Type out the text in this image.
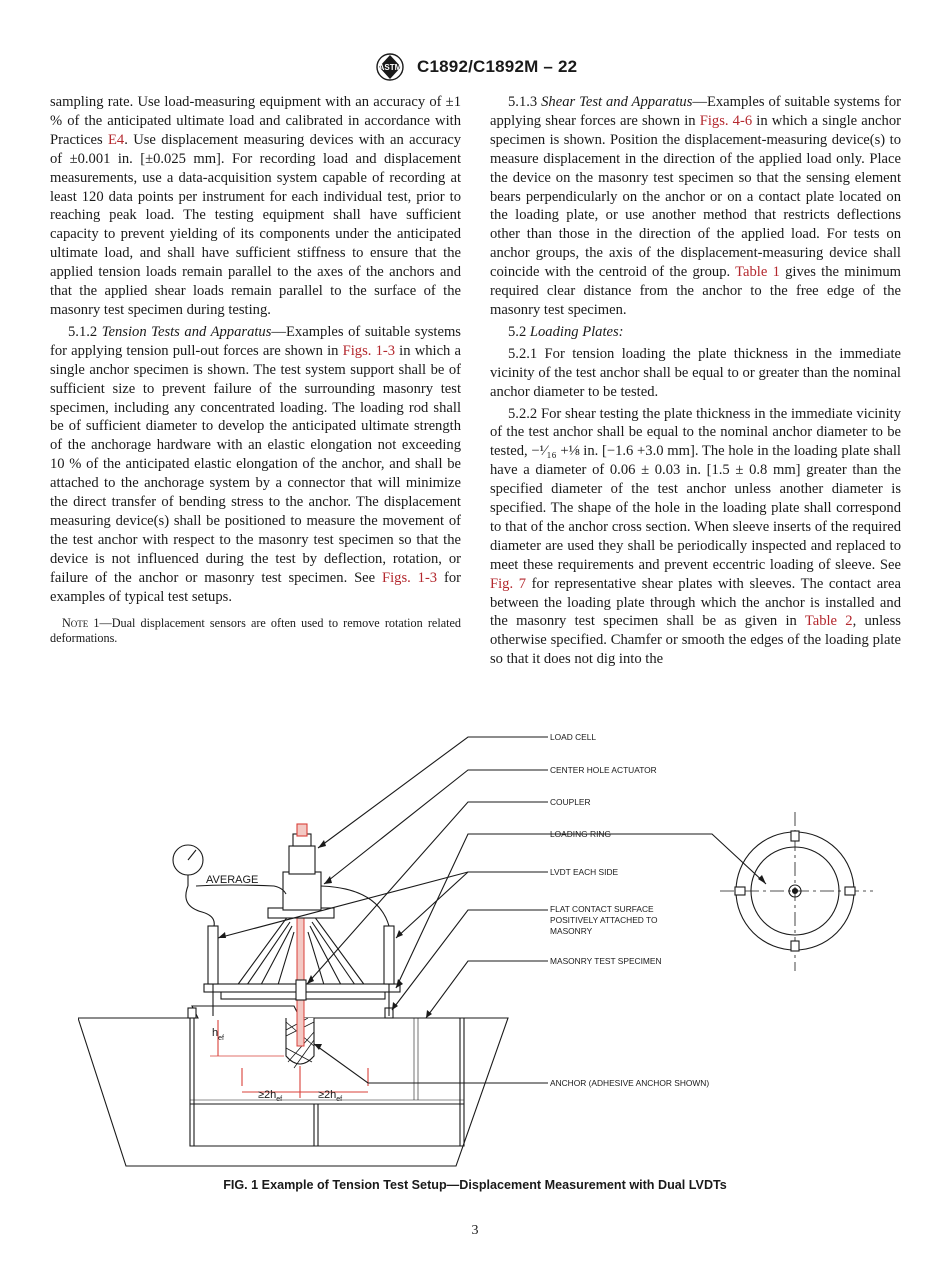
ASTM C1892/C1892M – 22

sampling rate. Use load-measuring equipment with an accuracy of ±1 % of the anticipated ultimate load and calibrated in accordance with Practices E4. Use displacement measuring devices with an accuracy of ±0.001 in. [±0.025 mm]. For recording load and displacement measurements, use a data-acquisition system capable of recording at least 120 data points per instrument for each individual test, prior to reaching peak load. The testing equipment shall have sufficient capacity to prevent yielding of its components under the anticipated ultimate load, and shall have sufficient stiffness to ensure that the applied tension loads remain parallel to the axes of the anchors and that the applied shear loads remain parallel to the surface of the masonry test specimen during testing.

5.1.2 Tension Tests and Apparatus—Examples of suitable systems for applying tension pull-out forces are shown in Figs. 1-3 in which a single anchor specimen is shown. The test system support shall be of sufficient size to prevent failure of the surrounding masonry test specimen, including any concentrated loading. The loading rod shall be of sufficient diameter to develop the anticipated ultimate strength of the anchorage hardware with an elastic elongation not exceeding 10 % of the anticipated elastic elongation of the anchor, and shall be attached to the anchorage system by a connector that will minimize the direct transfer of bending stress to the anchor. The displacement measuring device(s) shall be positioned to measure the movement of the test anchor with respect to the masonry test specimen so that the device is not influenced during the test by deflection, rotation, or failure of the anchor or masonry test specimen. See Figs. 1-3 for examples of typical test setups.

Note 1—Dual displacement sensors are often used to remove rotation related deformations.

5.1.3 Shear Test and Apparatus—Examples of suitable systems for applying shear forces are shown in Figs. 4-6 in which a single anchor specimen is shown. Position the displacement-measuring device(s) to measure displacement in the direction of the applied load only. Place the device on the masonry test specimen so that the sensing element bears perpendicularly on the anchor or on a contact plate located on the loading plate, or use another method that restricts deflections other than those in the direction of the applied load. For tests on anchor groups, the axis of the displacement-measuring device shall coincide with the centroid of the group. Table 1 gives the minimum required clear distance from the anchor to the free edge of the masonry test specimen.

5.2 Loading Plates:

5.2.1 For tension loading the plate thickness in the immediate vicinity of the test anchor shall be equal to or greater than the nominal anchor diameter to be tested.

5.2.2 For shear testing the plate thickness in the immediate vicinity of the test anchor shall be equal to the nominal anchor diameter to be tested, −¹⁄₁₆ +⅛ in. [−1.6 +3.0 mm]. The hole in the loading plate shall have a diameter of 0.06 ± 0.03 in. [1.5 ± 0.8 mm] greater than the specified diameter of the test anchor unless another diameter is specified. The shape of the hole in the loading plate shall correspond to that of the anchor cross section. When sleeve inserts of the required diameter are used they shall be periodically inspected and replaced to meet these requirements and prevent eccentric loading of sleeve. See Fig. 7 for representative shear plates with sleeves. The contact area between the loading plate through which the anchor is installed and the masonry test specimen shall be as given in Table 2, unless otherwise specified. Chamfer or smooth the edges of the loading plate so that it does not dig into the

LOAD CELL
CENTER HOLE ACTUATOR
COUPLER
LOADING RING
LVDT EACH SIDE
FLAT CONTACT SURFACE
POSITIVELY ATTACHED TO
MASONRY
MASONRY TEST SPECIMEN
ANCHOR (ADHESIVE ANCHOR SHOWN)
AVERAGE
$h_{ef}$
$\ge 2h_{ef}$	$\ge 2h_{ef}$
FIG. 1 Example of Tension Test Setup—Displacement Measurement with Dual LVDTs
3
